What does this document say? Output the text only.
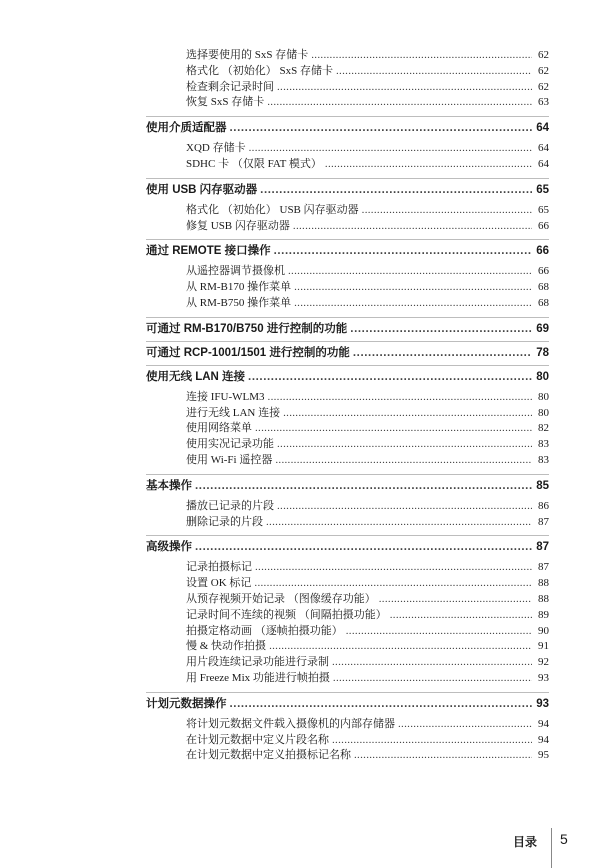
选择要使用的 SxS 存储卡 .....	62
格式化 （初始化） SxS 存储卡 .....	62
检查剩余记录时间 .....	62
恢复 SxS 存储卡 .....	63
使用介质适配器 .....	64
XQD 存储卡 .....	64
SDHC 卡 （仅限 FAT 模式） .....	64
使用 USB 闪存驱动器 .....	65
格式化 （初始化） USB 闪存驱动器 .....	65
修复 USB 闪存驱动器 .....	66
通过 REMOTE 接口操作 .....	66
从遥控器调节摄像机 .....	66
从 RM-B170 操作菜单 .....	68
从 RM-B750 操作菜单 .....	68
可通过 RM-B170/B750 进行控制的功能 .....	69
可通过 RCP-1001/1501 进行控制的功能 .....	78
使用无线 LAN 连接 .....	80
连接 IFU-WLM3 .....	80
进行无线 LAN 连接 .....	80
使用网络菜单 .....	82
使用实况记录功能 .....	83
使用 Wi-Fi 遥控器 .....	83
基本操作 .....	85
播放已记录的片段 .....	86
删除记录的片段 .....	87
高级操作 .....	87
记录拍摄标记 .....	87
设置 OK 标记 .....	88
从预存视频开始记录 （图像缓存功能） .....	88
记录时间不连续的视频 （间隔拍摄功能） .....	89
拍摄定格动画 （逐帧拍摄功能） .....	90
慢 & 快动作拍摄 .....	91
用片段连续记录功能进行录制 .....	92
用 Freeze Mix 功能进行帧拍摄 .....	93
计划元数据操作 .....	93
将计划元数据文件载入摄像机的内部存储器 .....	94
在计划元数据中定义片段名称 .....	94
在计划元数据中定义拍摄标记名称 .....	95
目录 5
